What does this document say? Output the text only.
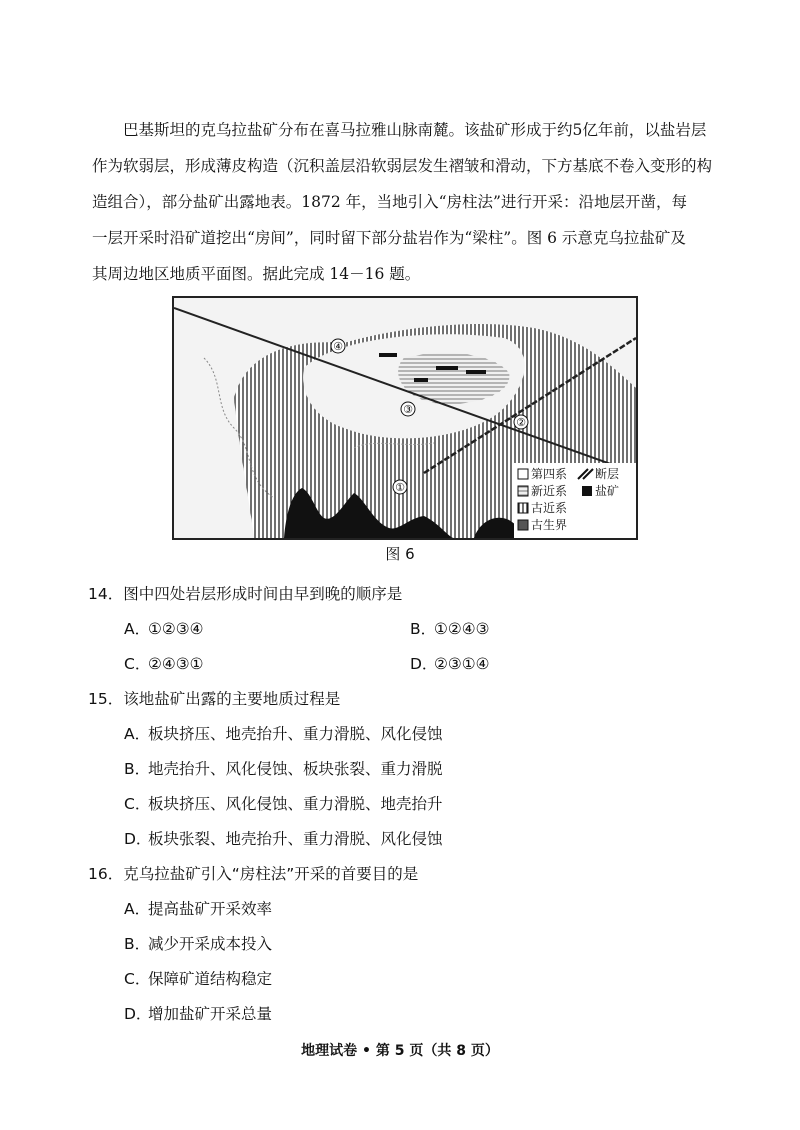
巴基斯坦的克乌拉盐矿分布在喜马拉雅山脉南麓。该盐矿形成于约5亿年前，以盐岩层
作为软弱层，形成薄皮构造（沉积盖层沿软弱层发生褶皱和滑动，下方基底不卷入变形的构
造组合），部分盐矿出露地表。1872 年，当地引入“房柱法”进行开采：沿地层开凿，每
一层开采时沿矿道挖出“房间”，同时留下部分盐岩作为“梁柱”。图 6 示意克乌拉盐矿及
其周边地区地质平面图。据此完成 14－16 题。
①
②
③
④
第四系 断层
新近系 盐矿
古近系
古生界
图 6
14．图中四处岩层形成时间由早到晚的顺序是
A．①②③④	B．①②④③
C．②④③①	D．②③①④
15．该地盐矿出露的主要地质过程是
A．板块挤压、地壳抬升、重力滑脱、风化侵蚀
B．地壳抬升、风化侵蚀、板块张裂、重力滑脱
C．板块挤压、风化侵蚀、重力滑脱、地壳抬升
D．板块张裂、地壳抬升、重力滑脱、风化侵蚀
16．克乌拉盐矿引入“房柱法”开采的首要目的是
A．提高盐矿开采效率
B．减少开采成本投入
C．保障矿道结构稳定
D．增加盐矿开采总量
地理试卷 • 第 5 页（共 8 页）
